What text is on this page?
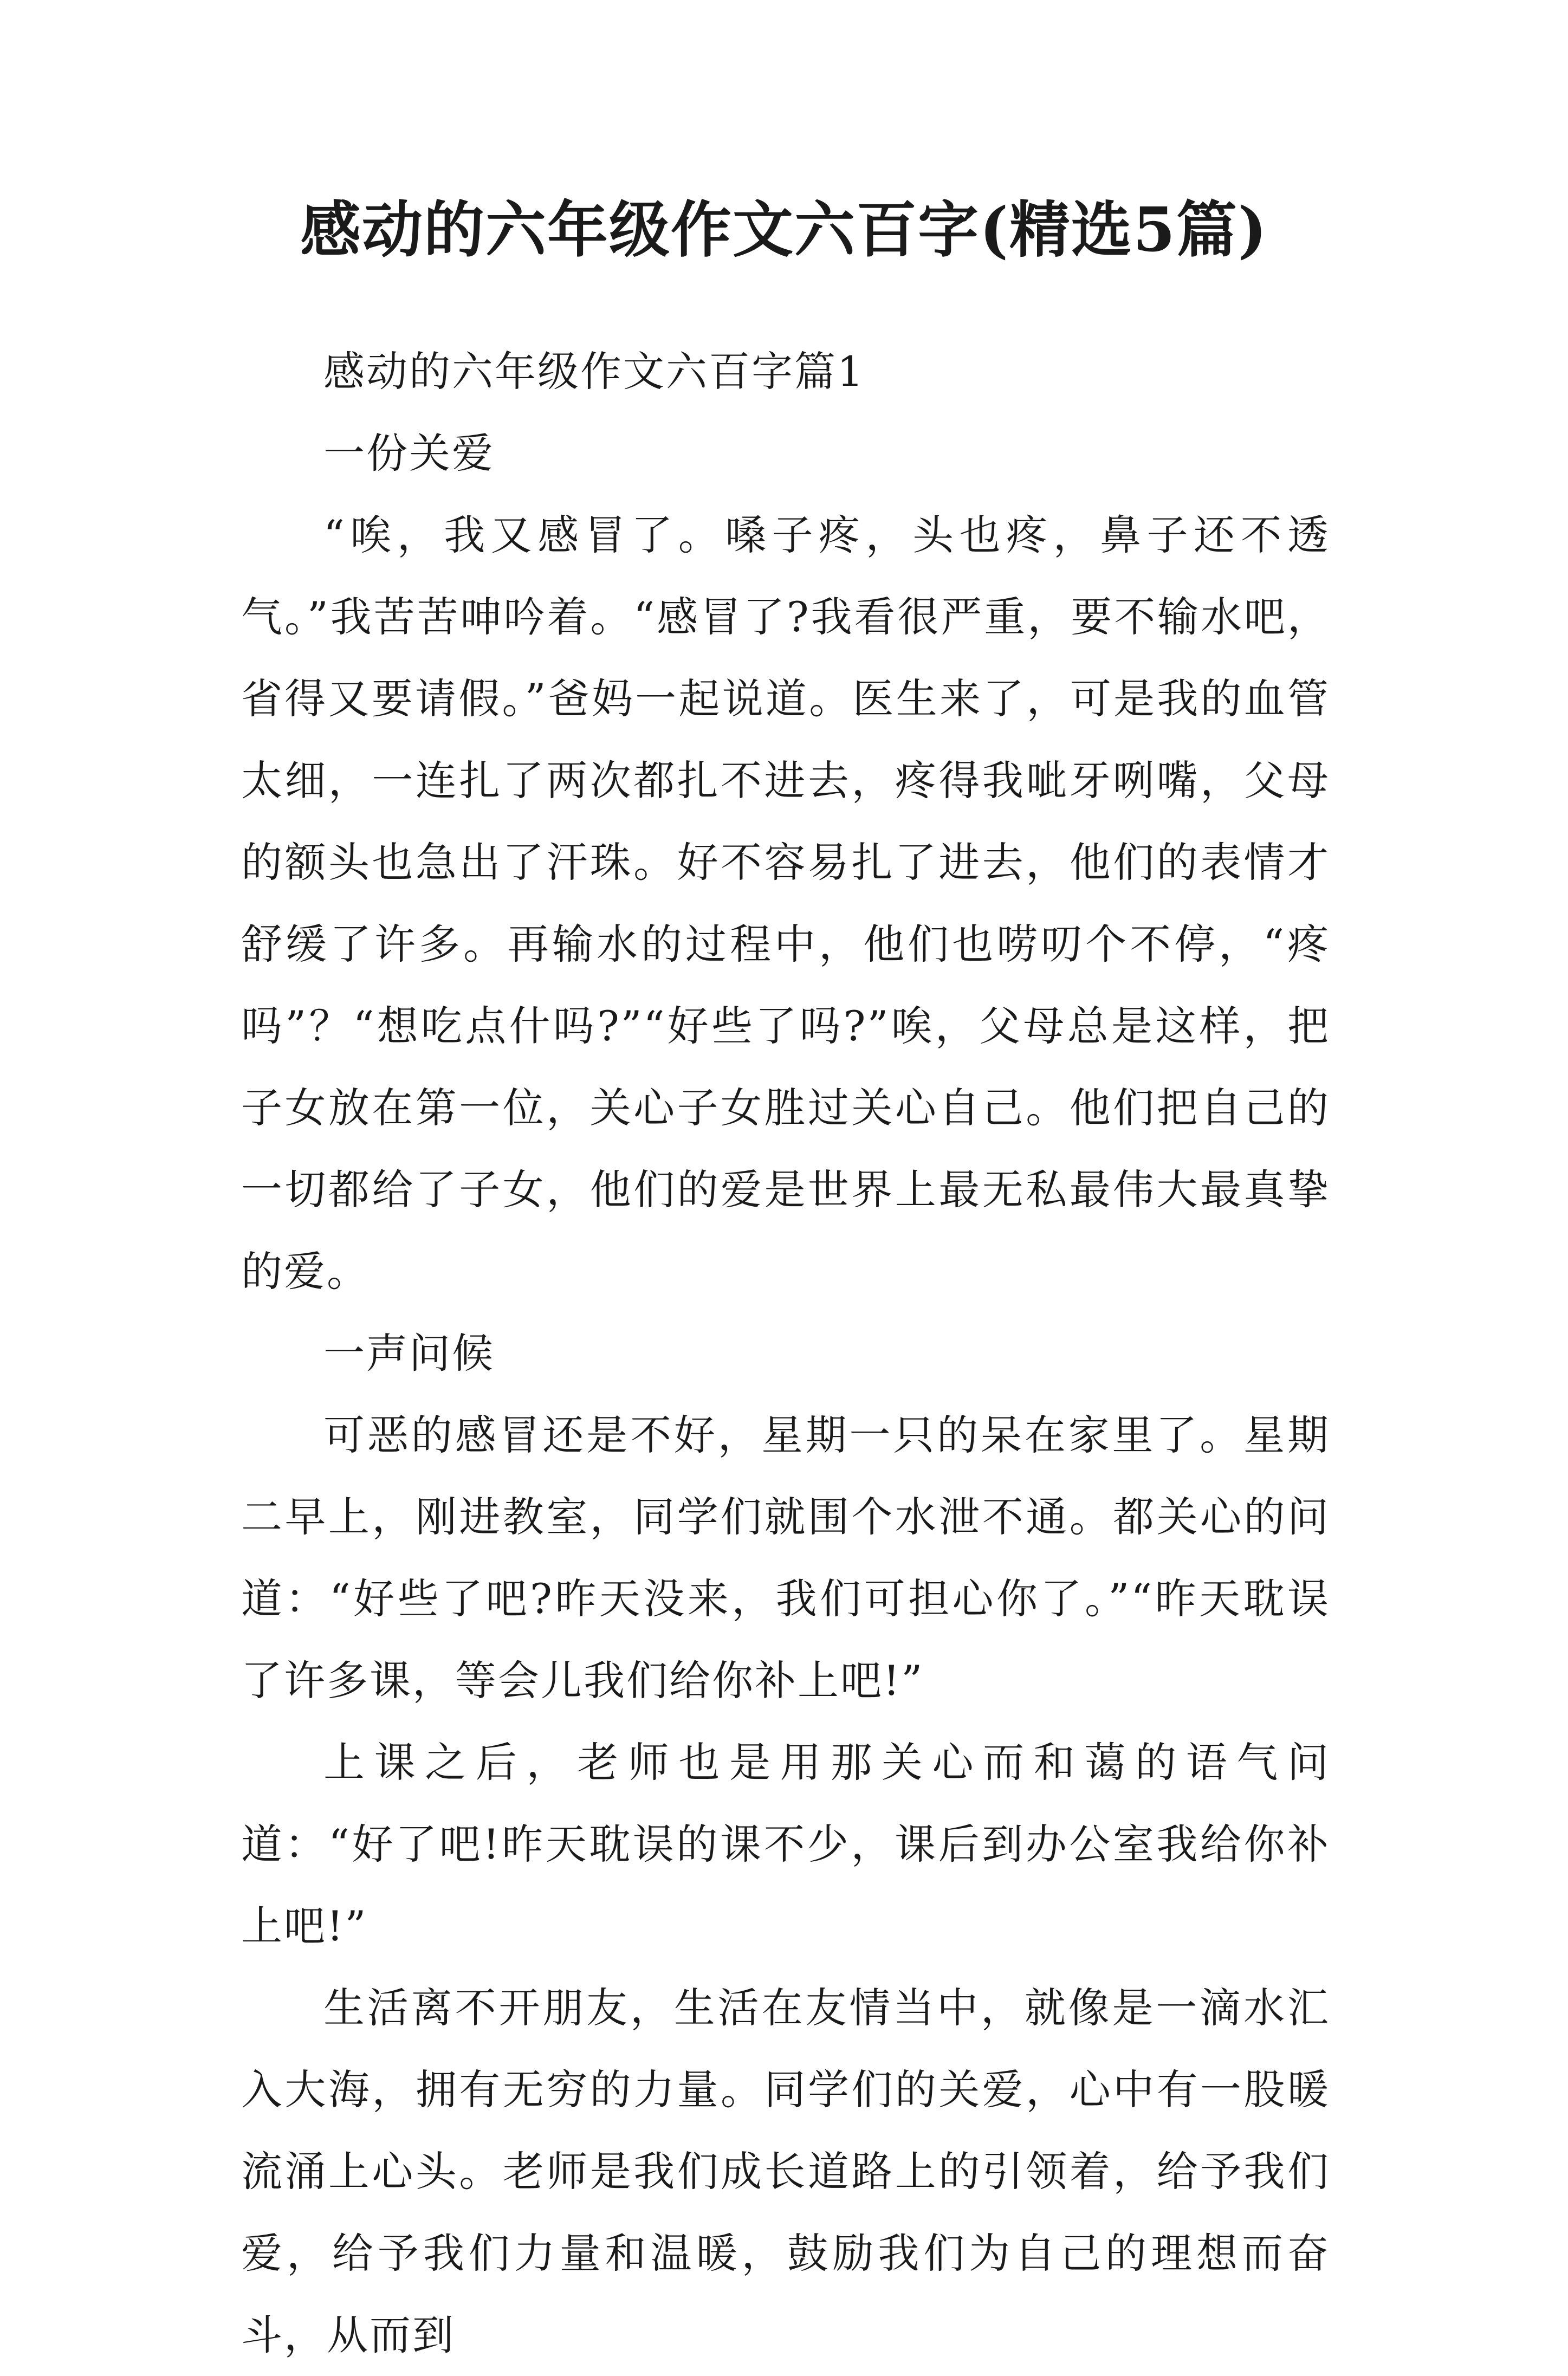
感动的六年级作文六百字(精选5篇)

感动的六年级作文六百字篇1

一份关爱

“唉，我又感冒了。嗓子疼，头也疼，鼻子还不透气。”我苦苦呻吟着。“感冒了?我看很严重，要不输水吧，省得又要请假。”爸妈一起说道。医生来了，可是我的血管太细，一连扎了两次都扎不进去，疼得我呲牙咧嘴，父母的额头也急出了汗珠。好不容易扎了进去，他们的表情才舒缓了许多。再输水的过程中，他们也唠叨个不停，“疼吗”？“想吃点什吗?”“好些了吗?”唉，父母总是这样，把子女放在第一位，关心子女胜过关心自己。他们把自己的一切都给了子女，他们的爱是世界上最无私最伟大最真挚的爱。

一声问候

可恶的感冒还是不好，星期一只的呆在家里了。星期二早上，刚进教室，同学们就围个水泄不通。都关心的问道：“好些了吧?昨天没来，我们可担心你了。”“昨天耽误了许多课，等会儿我们给你补上吧!”

上课之后，老师也是用那关心而和蔼的语气问道：“好了吧!昨天耽误的课不少，课后到办公室我给你补上吧!”

生活离不开朋友，生活在友情当中，就像是一滴水汇入大海，拥有无穷的力量。同学们的关爱，心中有一股暖流涌上心头。老师是我们成长道路上的引领着，给予我们爱，给予我们力量和温暖，鼓励我们为自己的理想而奋斗，从而到
